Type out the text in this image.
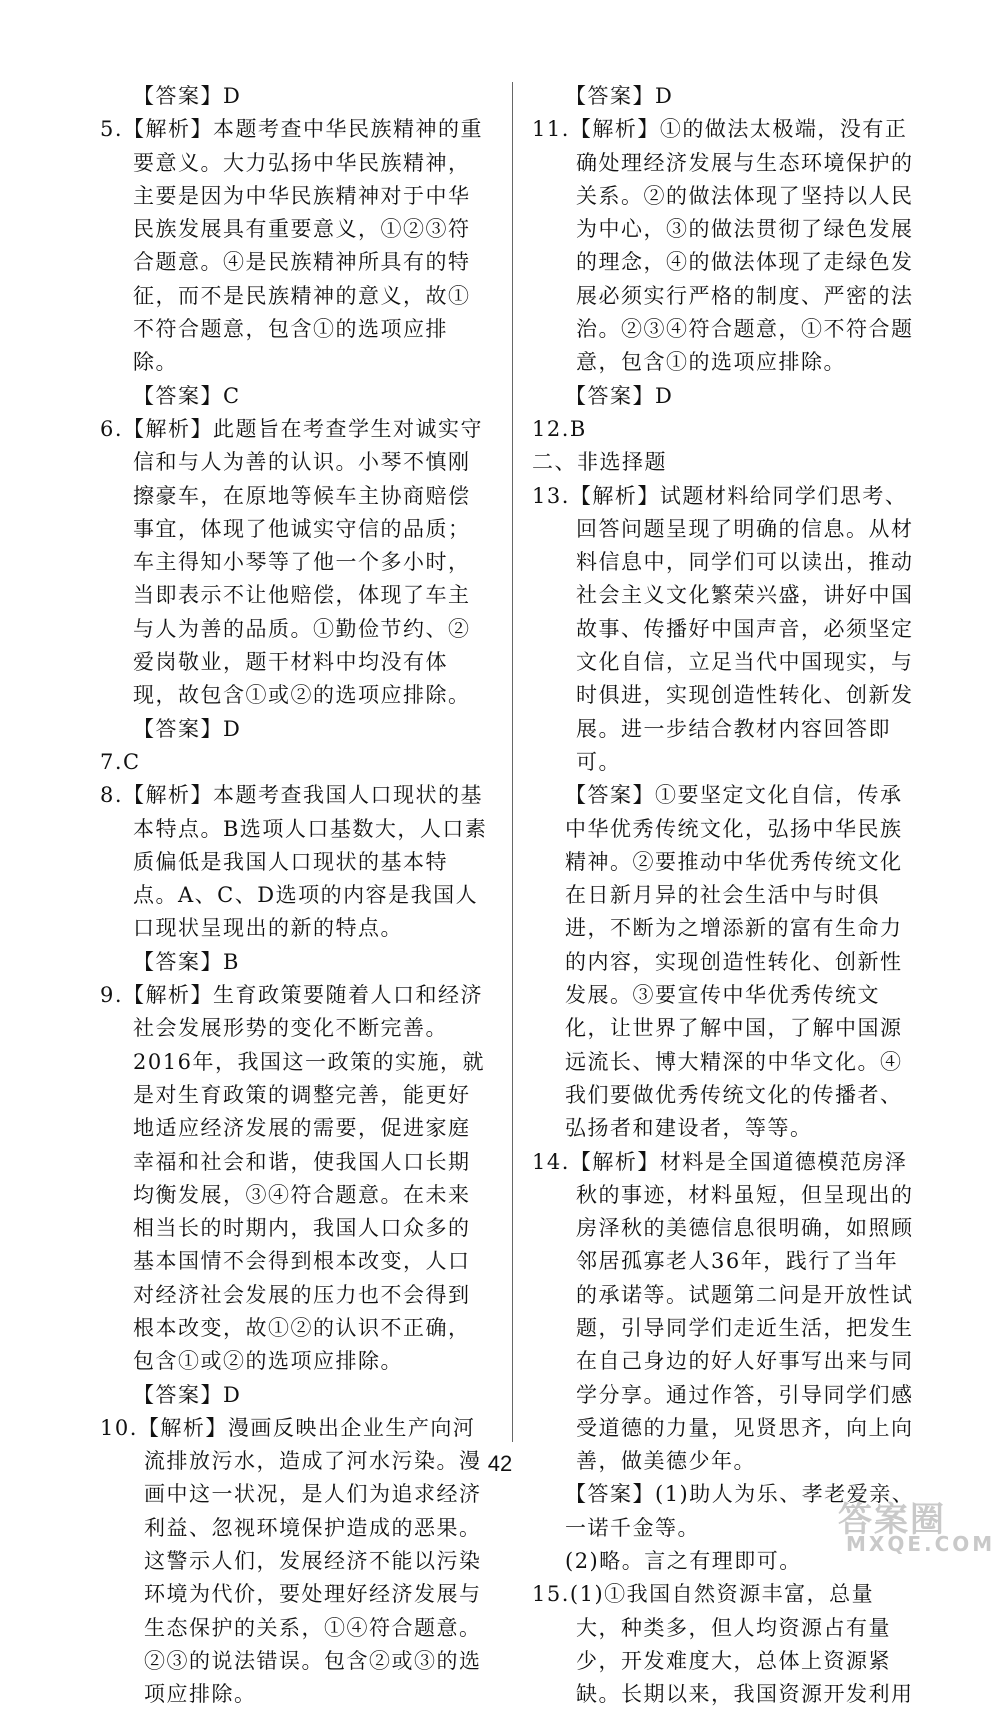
【答案】D

5.【解析】本题考查中华民族精神的重要意义。大力弘扬中华民族精神，主要是因为中华民族精神对于中华民族发展具有重要意义，①②③符合题意。④是民族精神所具有的特征，而不是民族精神的意义，故①不符合题意，包含①的选项应排除。

【答案】C

6.【解析】此题旨在考查学生对诚实守信和与人为善的认识。小琴不慎刚擦豪车，在原地等候车主协商赔偿事宜，体现了他诚实守信的品质；车主得知小琴等了他一个多小时，当即表示不让他赔偿，体现了车主与人为善的品质。①勤俭节约、②爱岗敬业，题干材料中均没有体现，故包含①或②的选项应排除。

【答案】D

7.C

8.【解析】本题考查我国人口现状的基本特点。B选项人口基数大，人口素质偏低是我国人口现状的基本特点。A、C、D选项的内容是我国人口现状呈现出的新的特点。

【答案】B

9.【解析】生育政策要随着人口和经济社会发展形势的变化不断完善。2016年，我国这一政策的实施，就是对生育政策的调整完善，能更好地适应经济发展的需要，促进家庭幸福和社会和谐，使我国人口长期均衡发展，③④符合题意。在未来相当长的时期内，我国人口众多的基本国情不会得到根本改变，人口对经济社会发展的压力也不会得到根本改变，故①②的认识不正确，包含①或②的选项应排除。

【答案】D

10.【解析】漫画反映出企业生产向河流排放污水，造成了河水污染。漫画中这一状况，是人们为追求经济利益、忽视环境保护造成的恶果。这警示人们，发展经济不能以污染环境为代价，要处理好经济发展与生态保护的关系，①④符合题意。②③的说法错误。包含②或③的选项应排除。

【答案】D

11.【解析】①的做法太极端，没有正确处理经济发展与生态环境保护的关系。②的做法体现了坚持以人民为中心，③的做法贯彻了绿色发展的理念，④的做法体现了走绿色发展必须实行严格的制度、严密的法治。②③④符合题意，①不符合题意，包含①的选项应排除。

【答案】D

12.B

二、非选择题

13.【解析】试题材料给同学们思考、回答问题呈现了明确的信息。从材料信息中，同学们可以读出，推动社会主义文化繁荣兴盛，讲好中国故事、传播好中国声音，必须坚定文化自信，立足当代中国现实，与时俱进，实现创造性转化、创新发展。进一步结合教材内容回答即可。

【答案】①要坚定文化自信，传承中华优秀传统文化，弘扬中华民族精神。②要推动中华优秀传统文化在日新月异的社会生活中与时俱进，不断为之增添新的富有生命力的内容，实现创造性转化、创新性发展。③要宣传中华优秀传统文化，让世界了解中国，了解中国源远流长、博大精深的中华文化。④我们要做优秀传统文化的传播者、弘扬者和建设者，等等。

14.【解析】材料是全国道德模范房泽秋的事迹，材料虽短，但呈现出的房泽秋的美德信息很明确，如照顾邻居孤寡老人36年，践行了当年的承诺等。试题第二问是开放性试题，引导同学们走近生活，把发生在自己身边的好人好事写出来与同学分享。通过作答，引导同学们感受道德的力量，见贤思齐，向上向善，做美德少年。

【答案】(1)助人为乐、孝老爱亲、一诺千金等。

(2)略。言之有理即可。

15.(1)①我国自然资源丰富，总量大，种类多，但人均资源占有量少，开发难度大，总体上资源紧缺。长期以来，我国资源开发利用

42
答案圈
MXQE.COM
